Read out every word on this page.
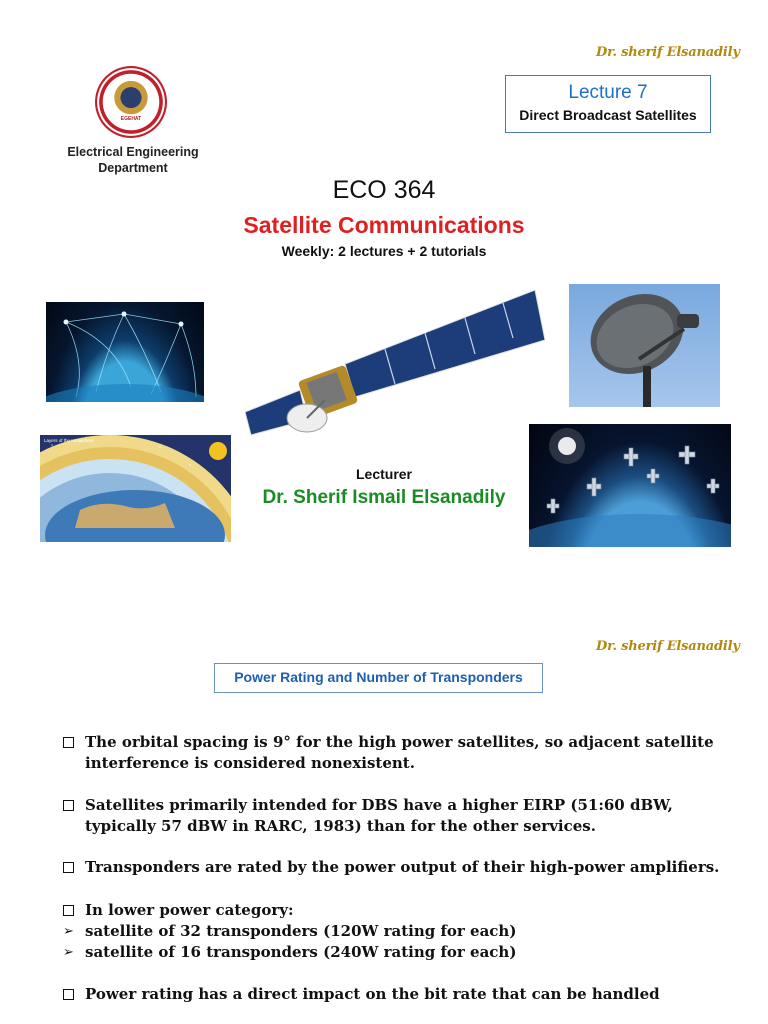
Dr. sherif Elsanadily
EGEHAT
Electrical Engineering
Department
Lecture 7
Direct Broadcast Satellites
ECO 364
Satellite Communications
Weekly: 2 lectures + 2 tutorials
Layers of the Ionosphere
Lecturer
Dr. Sherif Ismail Elsanadily
Dr. sherif Elsanadily
Power Rating and Number of Transponders
The orbital spacing is 9° for the high power satellites, so adjacent satellite
interference is considered nonexistent.
Satellites primarily intended for DBS have a higher EIRP (51:60 dBW,
typically 57 dBW in RARC, 1983) than for the other services.
Transponders are rated by the power output of their high-power amplifiers.
In lower power category:
➢ satellite of 32 transponders (120W rating for each)
➢ satellite of 16 transponders (240W rating for each)
Power rating has a direct impact on the bit rate that can be handled
